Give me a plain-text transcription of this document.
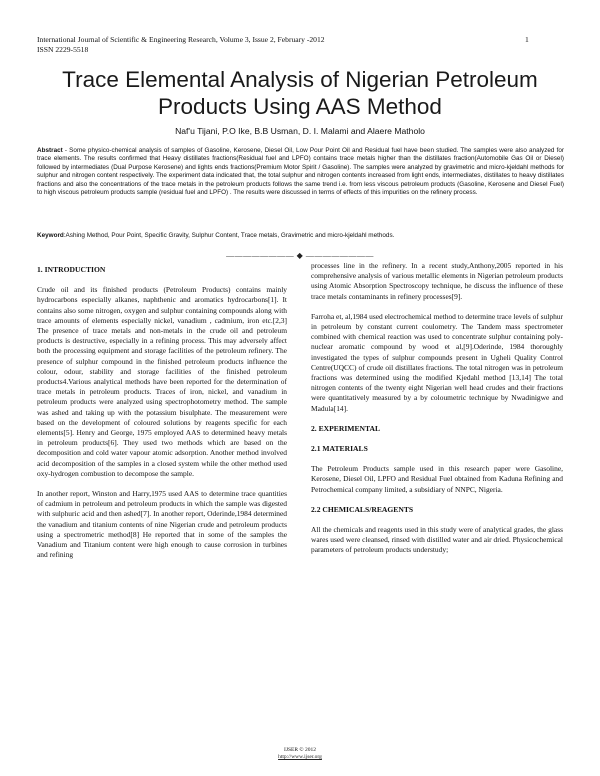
International Journal of Scientific & Engineering Research, Volume 3, Issue 2, February -2012
ISSN 2229-5518
1
Trace Elemental Analysis of Nigerian Petroleum Products Using AAS Method
Naf'u Tijani, P.O Ike, B.B Usman, D. I. Malami and Alaere Matholo
Abstract - Some physico-chemical analysis of samples of Gasoline, Kerosene, Diesel Oil, Low Pour Point Oil and Residual fuel have been studied. The samples were also analyzed for trace elements. The results confirmed that Heavy distillates fractions(Residual fuel and LPFO) contains trace metals higher than the distillates fraction(Automobile Gas Oil or Diesel) followed by intermediates (Dual Purpose Kerosene) and lights ends fractions(Premium Motor Spirit / Gasoline). The samples were analyzed by gravimetric and micro-kjeldahl methods for sulphur and nitrogen content respectively. The experiment data indicated that, the total sulphur and nitrogen contents increased from light ends, intermediates, distillates to heavy distillates fractions and also the concentrations of the trace metals in the petroleum products follows the same trend i.e. from less viscous petroleum products (Gasoline, Kerosene and Diesel Fuel) to high viscous petroleum products sample (residual fuel and LPFO) . The results were discussed in terms of effects of this impurities on the refinery process.
Keyword:Ashing Method, Pour Point, Specific Gravity, Sulphur Content, Trace metals, Gravimetric and micro-kjeldahl methods.
———————— ◆ ————————
1. INTRODUCTION

Crude oil and its finished products (Petroleum Products) contains mainly hydrocarbons especially alkanes, naphthenic and aromatics hydrocarbons[1]. It contains also some nitrogen, oxygen and sulphur containing compounds along with trace amounts of elements especially nickel, vanadium , cadmium, iron etc.[2,3] The presence of trace metals and non-metals in the crude oil and petroleum products is destructive, especially in a refining process. This may adversely affect both the processing equipment and storage facilities of the petroleum refinery. The presence of sulphur compound in the finished petroleum products influence the colour, odour, stability and storage facilities of the finished petroleum products4.Various analytical methods have been reported for the determination of trace metals in petroleum products. Traces of iron, nickel, and vanadium in petroleum products were analyzed using spectrophotometry method. The sample was ashed and taking up with the potassium bisulphate. The measurement were based on the development of coloured solutions by reagents specific for each elements[5]. Henry and George, 1975 employed AAS to determined heavy metals in petroleum products[6]. They used two methods which are based on the decomposition and cold water vapour atomic adsorption. Another method involved acid decomposition of the samples in a closed system while the other method used oxy-hydrogen combustion to decompose the sample.

In another report, Winston and Harry,1975 used AAS to determine trace quantities of cadmium in petroleum and petroleum products in which the sample was digested with sulphuric acid and then ashed[7]. In another report, Oderinde,1984 determined the vanadium and titanium contents of nine Nigerian crude and petroleum products using a spectrometric method[8] He reported that in some of the samples the Vanadium and Titanium content were high enough to cause corrosion in turbines and refining

processes line in the refinery. In a recent study,Anthony,2005 reported in his comprehensive analysis of various metallic elements in Nigerian petroleum products using Atomic Absorption Spectroscopy technique, he discuss the influence of these trace metals contaminants in refinery processes[9].

Farroha et, al,1984 used electrochemical method to determine trace levels of sulphur in petroleum by constant current coulometry. The Tandem mass spectrometer combined with chemical reaction was used to concentrate sulphur containing poly-nuclear aromatic compound by wood et al,[9].Oderinde, 1984 thoroughly investigated the types of sulphur compounds present in Ugheli Quality Control Centre(UQCC) of crude oil distillates fractions. The total nitrogen was in petroleum fractions was determined using the modified Kjedahl method [13,14] The total nitrogen contents of the twenty eight Nigerian well head crudes and their fractions were quantitatively measured by a by coloumetric technique by Nwadinigwe and Madula[14].

2. EXPERIMENTAL
2.1 MATERIALS

The Petroleum Products sample used in this research paper were Gasoline, Kerosene, Diesel Oil, LPFO and Residual Fuel obtained from Kaduna Refining and Petrochemical company limited, a subsidiary of NNPC, Nigeria.

2.2 CHEMICALS/REAGENTS

All the chemicals and reagents used in this study were of analytical grades, the glass wares used were cleansed, rinsed with distilled water and air dried. Physicochemical parameters of petroleum products understudy;

IJSER © 2012
http://www.ijser.org
